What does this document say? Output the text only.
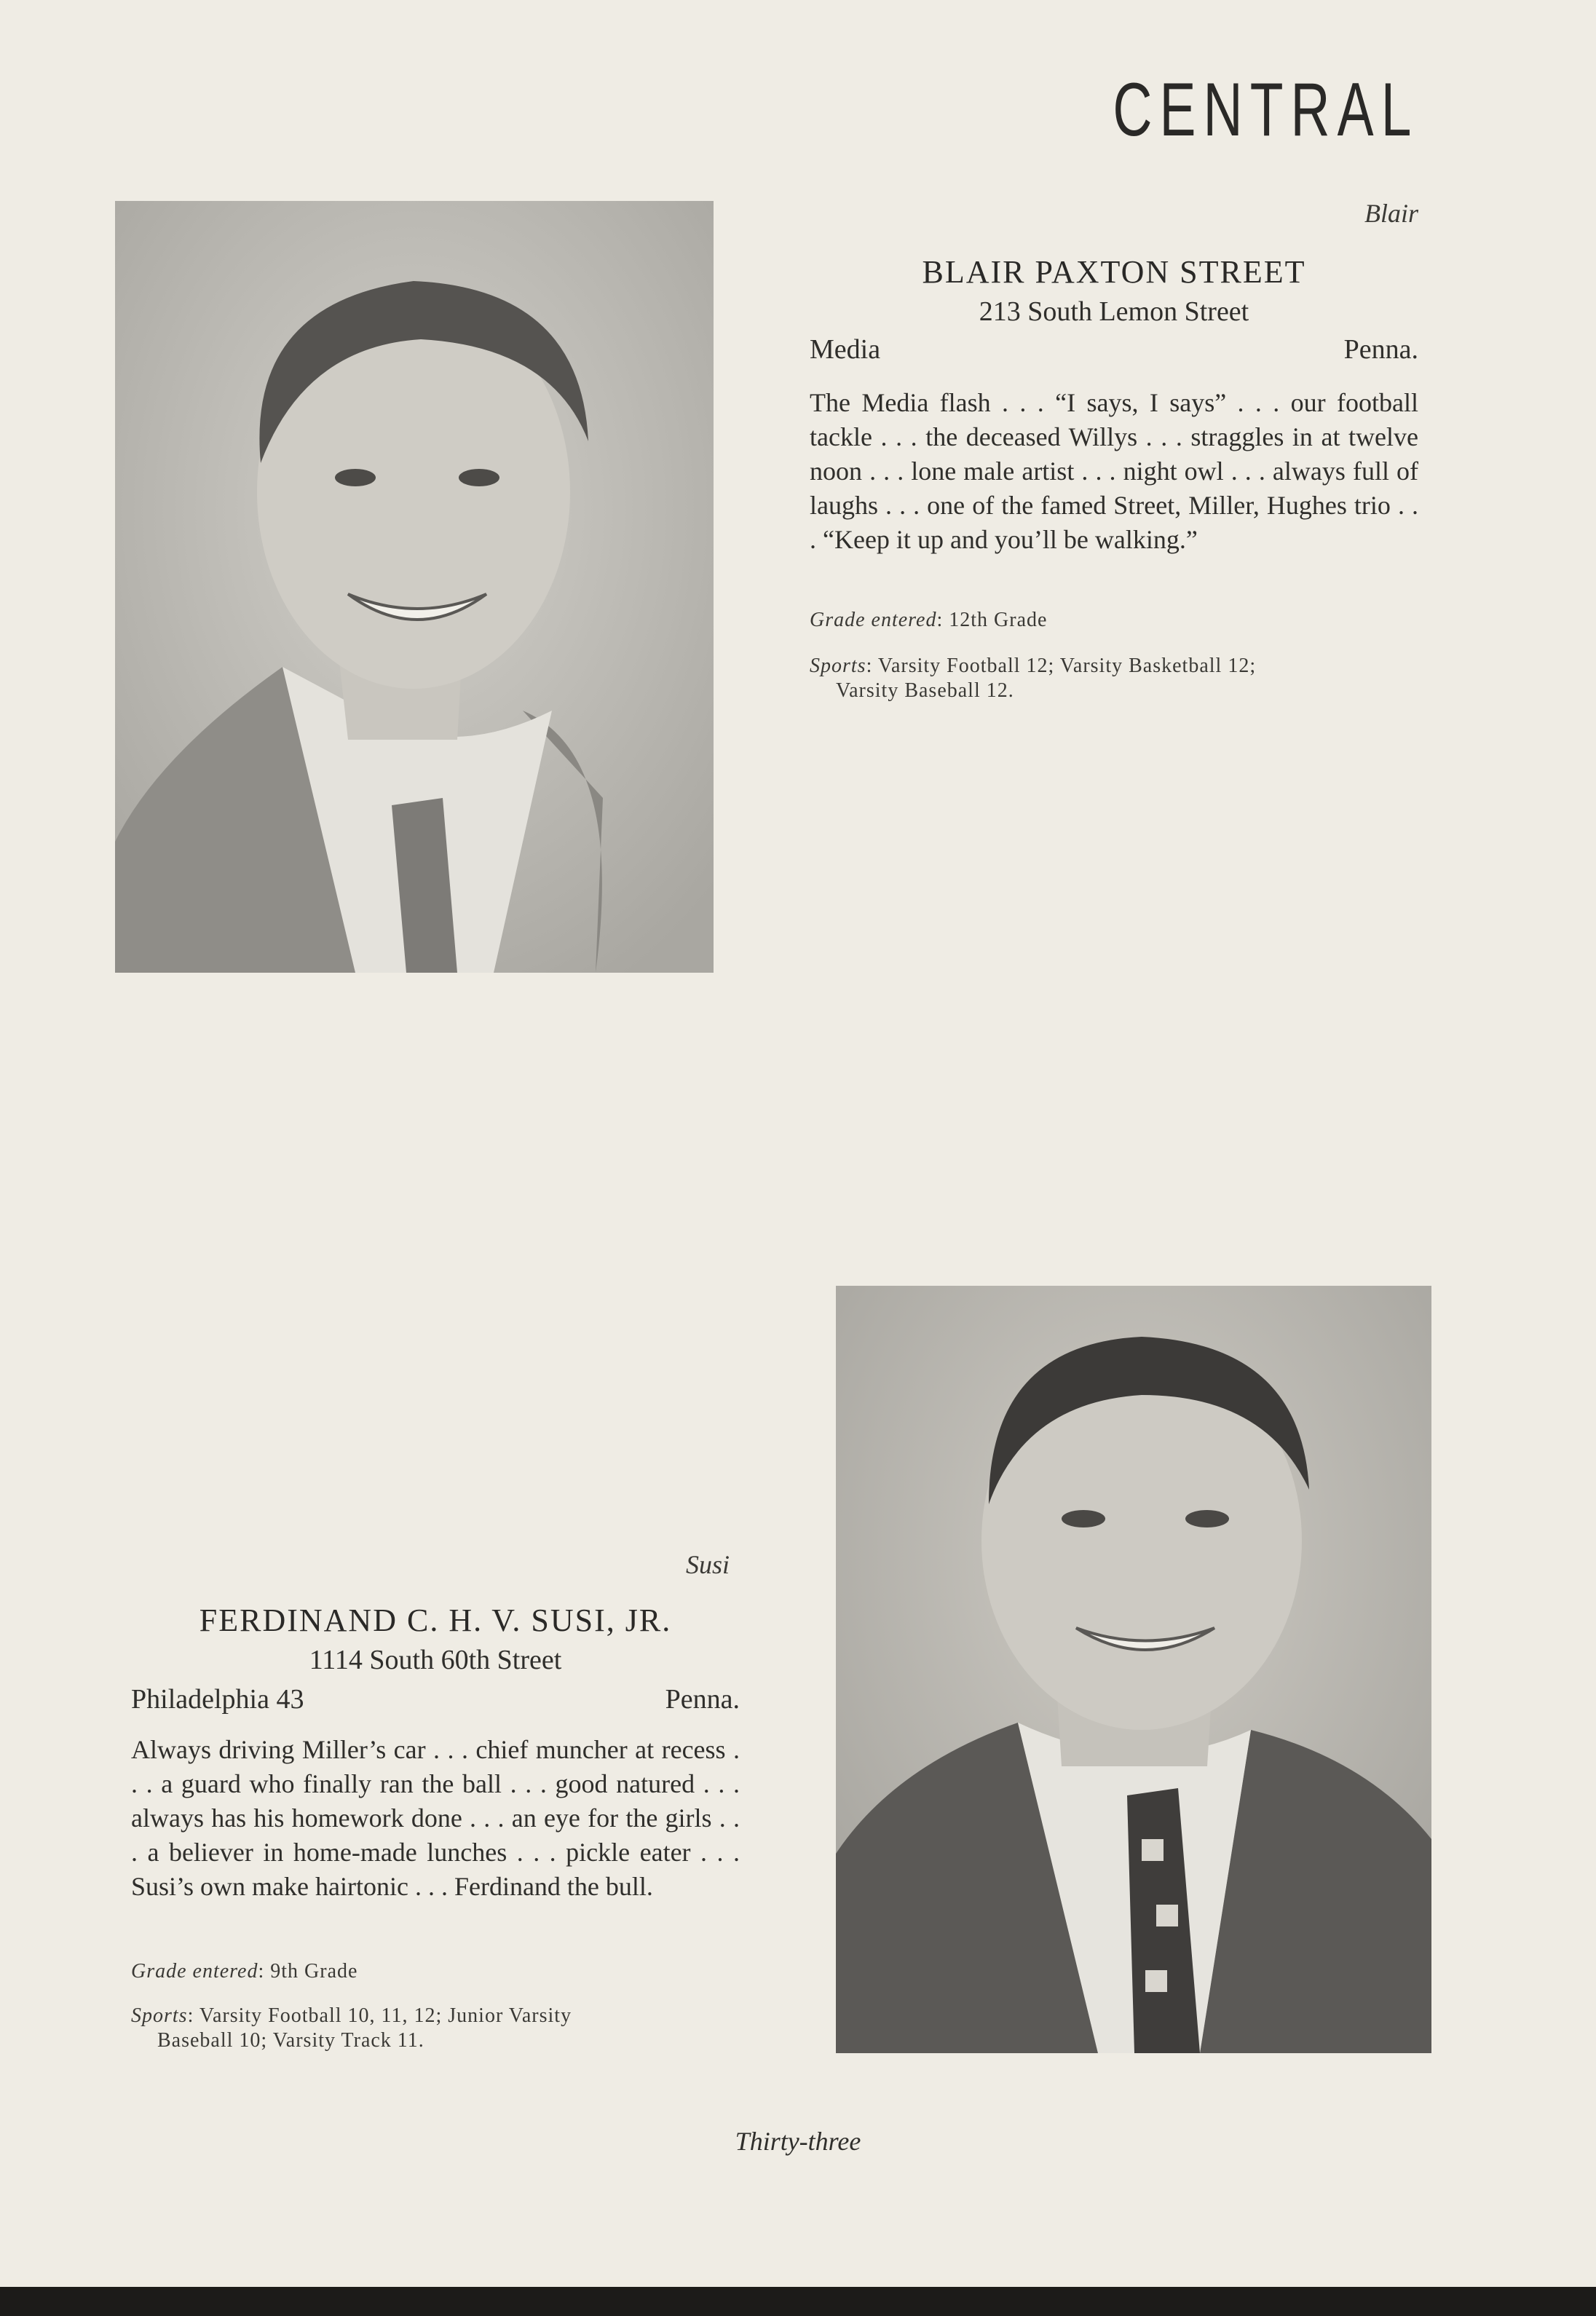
CENTRAL
Blair
BLAIR PAXTON STREET
213 South Lemon Street
Media	Penna.
The Media flash . . . “I says, I says” . . . our football tackle . . . the deceased Willys . . . straggles in at twelve noon . . . lone male artist . . . night owl . . . always full of laughs . . . one of the famed Street, Miller, Hughes trio . . . “Keep it up and you’ll be walking.”
Grade entered: 12th Grade
Sports: Varsity Football 12; Varsity Basketball 12;
Varsity Baseball 12.
Susi
FERDINAND C. H. V. SUSI, JR.
1114 South 60th Street
Philadelphia 43	Penna.
Always driving Miller’s car . . . chief muncher at recess . . . a guard who finally ran the ball . . . good natured . . . always has his homework done . . . an eye for the girls . . . a believer in home-made lunches . . . pickle eater . . . Susi’s own make hairtonic . . . Ferdinand the bull.
Grade entered: 9th Grade
Sports: Varsity Football 10, 11, 12; Junior Varsity
Baseball 10; Varsity Track 11.
Thirty-three
